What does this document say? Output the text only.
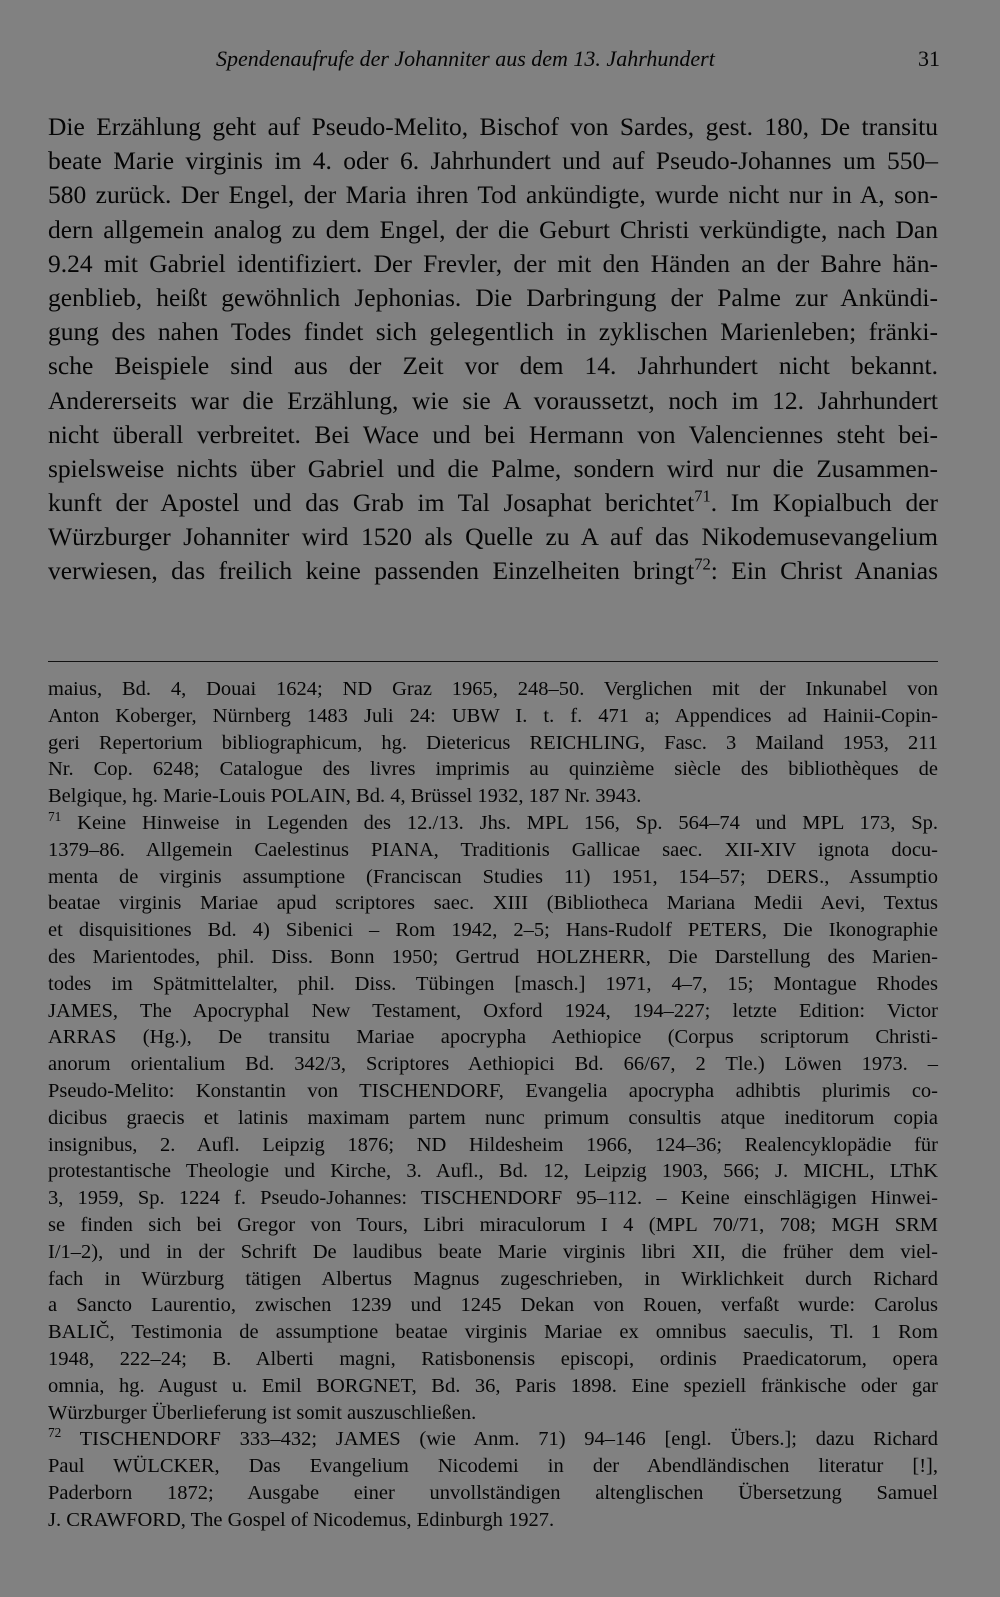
Spendenaufrufe der Johanniter aus dem 13. Jahrhundert	31
Die Erzählung geht auf Pseudo-Melito, Bischof von Sardes, gest. 180, De transitu
beate Marie virginis im 4. oder 6. Jahrhundert und auf Pseudo-Johannes um 550–
580 zurück. Der Engel, der Maria ihren Tod ankündigte, wurde nicht nur in A, son-
dern allgemein analog zu dem Engel, der die Geburt Christi verkündigte, nach Dan
9.24 mit Gabriel identifiziert. Der Frevler, der mit den Händen an der Bahre hän-
genblieb, heißt gewöhnlich Jephonias. Die Darbringung der Palme zur Ankündi-
gung des nahen Todes findet sich gelegentlich in zyklischen Marienleben; fränki-
sche Beispiele sind aus der Zeit vor dem 14. Jahrhundert nicht bekannt.
Andererseits war die Erzählung, wie sie A voraussetzt, noch im 12. Jahrhundert
nicht überall verbreitet. Bei Wace und bei Hermann von Valenciennes steht bei-
spielsweise nichts über Gabriel und die Palme, sondern wird nur die Zusammen-
kunft der Apostel und das Grab im Tal Josaphat berichtet$^{71}$. Im Kopialbuch der
Würzburger Johanniter wird 1520 als Quelle zu A auf das Nikodemusevangelium
verwiesen, das freilich keine passenden Einzelheiten bringt$^{72}$: Ein Christ Ananias
maius, Bd. 4, Douai 1624; ND Graz 1965, 248–50. Verglichen mit der Inkunabel von
Anton Koberger, Nürnberg 1483 Juli 24: UBW I. t. f. 471 a; Appendices ad Hainii-Copin-
geri Repertorium bibliographicum, hg. Dietericus REICHLING, Fasc. 3 Mailand 1953, 211
Nr. Cop. 6248; Catalogue des livres imprimis au quinzième siècle des bibliothèques de
Belgique, hg. Marie-Louis POLAIN, Bd. 4, Brüssel 1932, 187 Nr. 3943.
$^{71}$ Keine Hinweise in Legenden des 12./13. Jhs. MPL 156, Sp. 564–74 und MPL 173, Sp.
1379–86. Allgemein Caelestinus PIANA, Traditionis Gallicae saec. XII-XIV ignota docu-
menta de virginis assumptione (Franciscan Studies 11) 1951, 154–57; DERS., Assumptio
beatae virginis Mariae apud scriptores saec. XIII (Bibliotheca Mariana Medii Aevi, Textus
et disquisitiones Bd. 4) Sibenici – Rom 1942, 2–5; Hans-Rudolf PETERS, Die Ikonographie
des Marientodes, phil. Diss. Bonn 1950; Gertrud HOLZHERR, Die Darstellung des Marien-
todes im Spätmittelalter, phil. Diss. Tübingen [masch.] 1971, 4–7, 15; Montague Rhodes
JAMES, The Apocryphal New Testament, Oxford 1924, 194–227; letzte Edition: Victor
ARRAS (Hg.), De transitu Mariae apocrypha Aethiopice (Corpus scriptorum Christi-
anorum orientalium Bd. 342/3, Scriptores Aethiopici Bd. 66/67, 2 Tle.) Löwen 1973. –
Pseudo-Melito: Konstantin von TISCHENDORF, Evangelia apocrypha adhibtis plurimis co-
dicibus graecis et latinis maximam partem nunc primum consultis atque ineditorum copia
insignibus, 2. Aufl. Leipzig 1876; ND Hildesheim 1966, 124–36; Realencyklopädie für
protestantische Theologie und Kirche, 3. Aufl., Bd. 12, Leipzig 1903, 566; J. MICHL, LThK
3, 1959, Sp. 1224 f. Pseudo-Johannes: TISCHENDORF 95–112. – Keine einschlägigen Hinwei-
se finden sich bei Gregor von Tours, Libri miraculorum I 4 (MPL 70/71, 708; MGH SRM
I/1–2), und in der Schrift De laudibus beate Marie virginis libri XII, die früher dem viel-
fach in Würzburg tätigen Albertus Magnus zugeschrieben, in Wirklichkeit durch Richard
a Sancto Laurentio, zwischen 1239 und 1245 Dekan von Rouen, verfaßt wurde: Carolus
BALIČ, Testimonia de assumptione beatae virginis Mariae ex omnibus saeculis, Tl. 1 Rom
1948, 222–24; B. Alberti magni, Ratisbonensis episcopi, ordinis Praedicatorum, opera
omnia, hg. August u. Emil BORGNET, Bd. 36, Paris 1898. Eine speziell fränkische oder gar
Würzburger Überlieferung ist somit auszuschließen.
$^{72}$ TISCHENDORF 333–432; JAMES (wie Anm. 71) 94–146 [engl. Übers.]; dazu Richard
Paul WÜLCKER, Das Evangelium Nicodemi in der Abendländischen literatur [!],
Paderborn 1872; Ausgabe einer unvollständigen altenglischen Übersetzung Samuel
J. CRAWFORD, The Gospel of Nicodemus, Edinburgh 1927.
